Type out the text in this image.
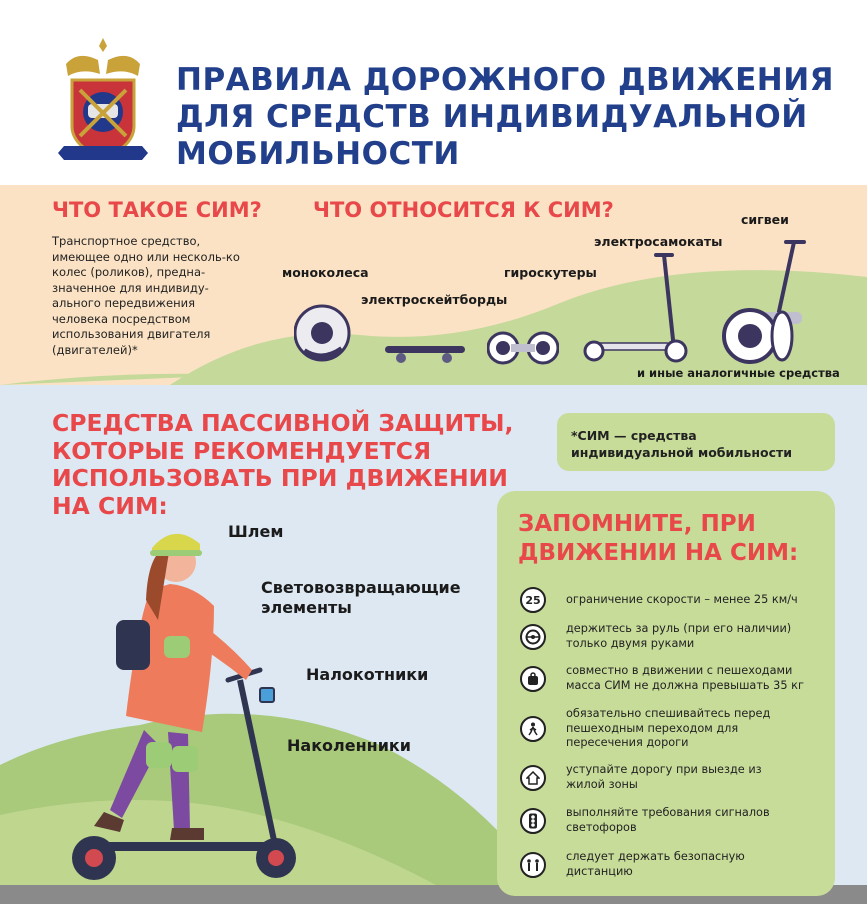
ПРАВИЛА ДОРОЖНОГО ДВИЖЕНИЯ
ДЛЯ СРЕДСТВ ИНДИВИДУАЛЬНОЙ
МОБИЛЬНОСТИ
ЧТО ТАКОЕ СИМ?
Транспортное средство, имеющее одно или несколь-ко колес (роликов), предна-значенное для индивиду-ального передвижения человека посредством использования двигателя (двигателей)*
ЧТО ОТНОСИТСЯ К СИМ?
моноколеса
электроскейтборды
гироскутеры
электросамокаты
сигвеи
и иные аналогичные средства
СРЕДСТВА ПАССИВНОЙ ЗАЩИТЫ,
КОТОРЫЕ РЕКОМЕНДУЕТСЯ
ИСПОЛЬЗОВАТЬ ПРИ ДВИЖЕНИИ
НА СИМ:
*СИМ — средства индивидуальной мобильности
Шлем
Световозвращающие элементы
Налокотники
Наколенники
ЗАПОМНИТЕ, ПРИ
ДВИЖЕНИИ НА СИМ:
25	ограничение скорости – менее 25 км/ч
держитесь за руль (при его наличии) только двумя руками
совместно в движении с пешеходами масса СИМ не должна превышать 35 кг
обязательно спешивайтесь перед пешеходным переходом для пересечения дороги
уступайте дорогу при выезде из жилой зоны
выполняйте требования сигналов светофоров
следует держать безопасную дистанцию
